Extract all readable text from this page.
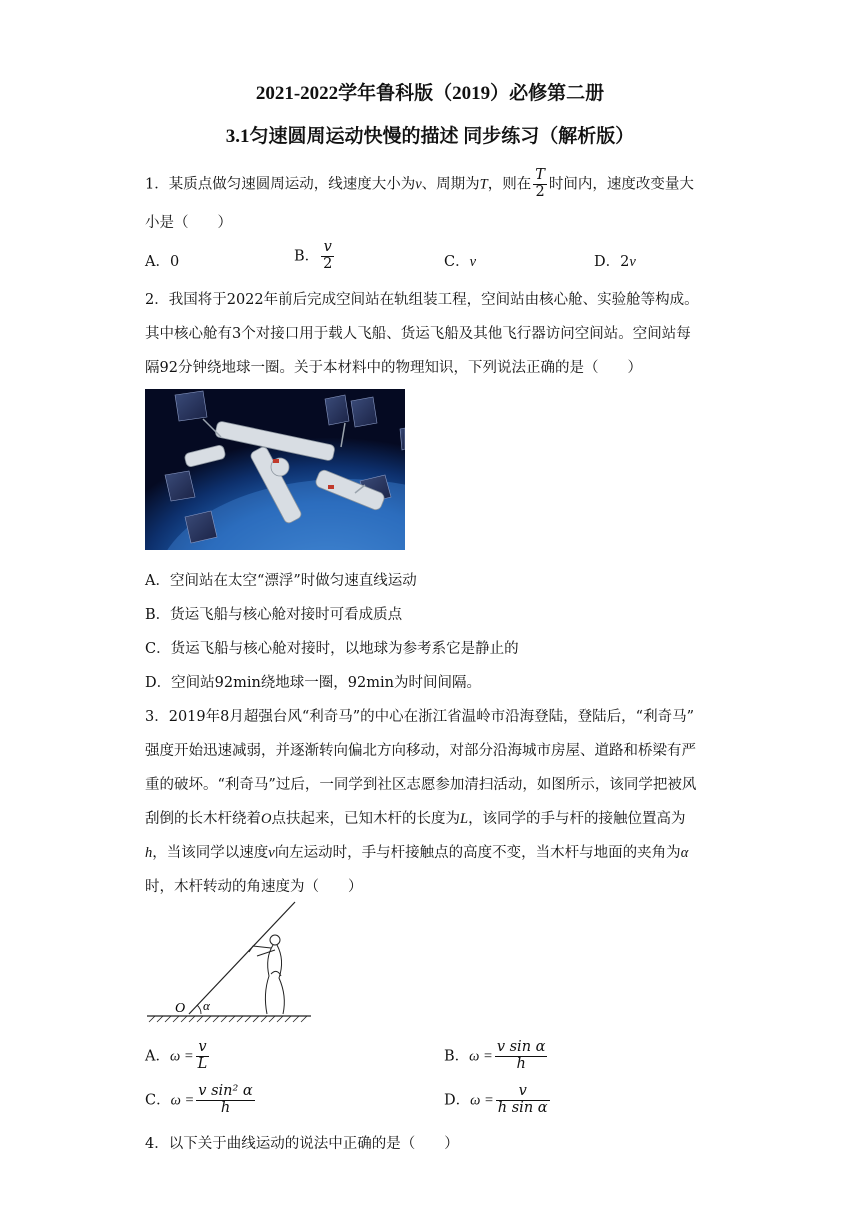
2021-2022学年鲁科版（2019）必修第二册
3.1匀速圆周运动快慢的描述 同步练习（解析版）
1．某质点做匀速圆周运动，线速度大小为v、周期为T，则在 $\frac{T}{2}$ 时间内，速度改变量大
小是（　　）
A．0	B． $\frac{v}{2}$	C．v	D．2v
2．我国将于2022年前后完成空间站在轨组装工程，空间站由核心舱、实验舱等构成。
其中核心舱有3个对接口用于载人飞船、货运飞船及其他飞行器访问空间站。空间站每
隔92分钟绕地球一圈。关于本材料中的物理知识，下列说法正确的是（　　）
A．空间站在太空“漂浮”时做匀速直线运动
B．货运飞船与核心舱对接时可看成质点
C．货运飞船与核心舱对接时，以地球为参考系它是静止的
D．空间站92min绕地球一圈，92min为时间间隔。
3．2019年8月超强台风“利奇马”的中心在浙江省温岭市沿海登陆，登陆后，“利奇马”
强度开始迅速减弱，并逐渐转向偏北方向移动，对部分沿海城市房屋、道路和桥梁有严
重的破坏。“利奇马”过后，一同学到社区志愿参加清扫活动，如图所示，该同学把被风
刮倒的长木杆绕着O点扶起来，已知木杆的长度为L，该同学的手与杆的接触位置高为
h，当该同学以速度v向左运动时，手与杆接触点的高度不变，当木杆与地面的夹角为α
时，木杆转动的角速度为（　　）
O α
A．$\omega = \frac{v}{L}$	B．$\omega = \frac{\text{v sin α}}{h}$
C．$\omega = \frac{\text{v sin² α}}{h}$	D．$\omega = \frac{v}{\text{h sin α}}$
4．以下关于曲线运动的说法中正确的是（　　）
